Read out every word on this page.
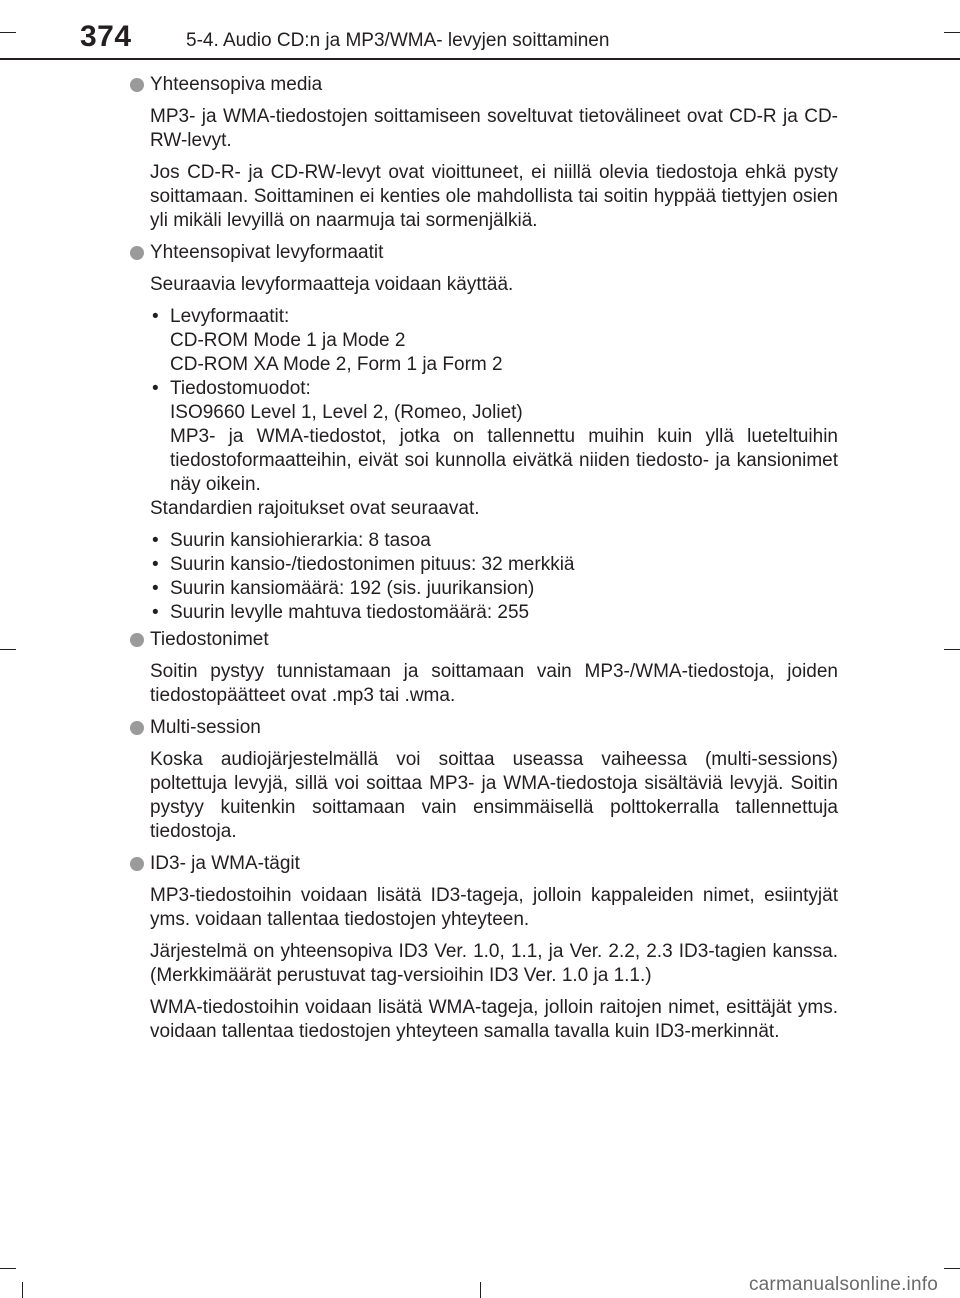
374	5-4. Audio CD:n ja MP3/WMA- levyjen soittaminen
Yhteensopiva media

MP3- ja WMA-tiedostojen soittamiseen soveltuvat tietovälineet ovat CD-R ja CD-RW-levyt.

Jos CD-R- ja CD-RW-levyt ovat vioittuneet, ei niillä olevia tiedostoja ehkä pysty soittamaan. Soittaminen ei kenties ole mahdollista tai soitin hyppää tiettyjen osien yli mikäli levyillä on naarmuja tai sormenjälkiä.

Yhteensopivat levyformaatit

Seuraavia levyformaatteja voidaan käyttää.

• Levyformaatit:
CD-ROM Mode 1 ja Mode 2
CD-ROM XA Mode 2, Form 1 ja Form 2
• Tiedostomuodot:
ISO9660 Level 1, Level 2, (Romeo, Joliet)
MP3- ja WMA-tiedostot, jotka on tallennettu muihin kuin yllä lueteltuihin tiedostoformaatteihin, eivät soi kunnolla eivätkä niiden tiedosto- ja kansionimet näy oikein.

Standardien rajoitukset ovat seuraavat.

• Suurin kansiohierarkia: 8 tasoa
• Suurin kansio-/tiedostonimen pituus: 32 merkkiä
• Suurin kansiomäärä: 192 (sis. juurikansion)
• Suurin levylle mahtuva tiedostomäärä: 255
Tiedostonimet

Soitin pystyy tunnistamaan ja soittamaan vain MP3-/WMA-tiedostoja, joiden tiedostopäätteet ovat .mp3 tai .wma.

Multi-session

Koska audiojärjestelmällä voi soittaa useassa vaiheessa (multi-sessions) poltettuja levyjä, sillä voi soittaa MP3- ja WMA-tiedostoja sisältäviä levyjä. Soitin pystyy kuitenkin soittamaan vain ensimmäisellä polttokerralla tallennettuja tiedostoja.

ID3- ja WMA-tägit

MP3-tiedostoihin voidaan lisätä ID3-tageja, jolloin kappaleiden nimet, esiintyjät yms. voidaan tallentaa tiedostojen yhteyteen.

Järjestelmä on yhteensopiva ID3 Ver. 1.0, 1.1, ja Ver. 2.2, 2.3 ID3-tagien kanssa. (Merkkimäärät perustuvat tag-versioihin ID3 Ver. 1.0 ja 1.1.)

WMA-tiedostoihin voidaan lisätä WMA-tageja, jolloin raitojen nimet, esittäjät yms. voidaan tallentaa tiedostojen yhteyteen samalla tavalla kuin ID3-merkinnät.

carmanualsonline.info
